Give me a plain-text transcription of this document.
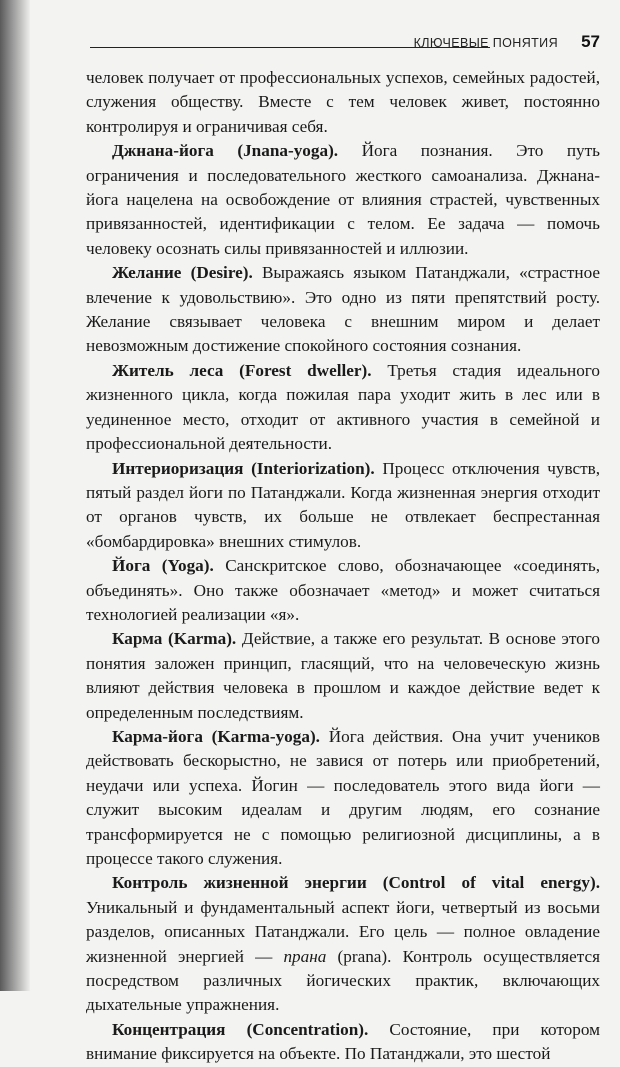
КЛЮЧЕВЫЕ ПОНЯТИЯ 57

человек получает от профессиональных успехов, семейных радостей, служения обществу. Вместе с тем человек живет, постоянно контролируя и ограничивая себя.

Джнана-йога (Jnana-yoga). Йога познания. Это путь ограничения и последовательного жесткого самоанализа. Джнана-йога нацелена на освобождение от влияния страстей, чувственных привязанностей, идентификации с телом. Ее задача — помочь человеку осознать силы привязанностей и иллюзии.

Желание (Desire). Выражаясь языком Патанджали, «страстное влечение к удовольствию». Это одно из пяти препятствий росту. Желание связывает человека с внешним миром и делает невозможным достижение спокойного состояния сознания.

Житель леса (Forest dweller). Третья стадия идеального жизненного цикла, когда пожилая пара уходит жить в лес или в уединенное место, отходит от активного участия в семейной и профессиональной деятельности.

Интериоризация (Interiorization). Процесс отключения чувств, пятый раздел йоги по Патанджали. Когда жизненная энергия отходит от органов чувств, их больше не отвлекает беспрестанная «бомбардировка» внешних стимулов.

Йога (Yoga). Санскритское слово, обозначающее «соединять, объединять». Оно также обозначает «метод» и может считаться технологией реализации «я».

Карма (Karma). Действие, а также его результат. В основе этого понятия заложен принцип, гласящий, что на человеческую жизнь влияют действия человека в прошлом и каждое действие ведет к определенным последствиям.

Карма-йога (Karma-yoga). Йога действия. Она учит учеников действовать бескорыстно, не завися от потерь или приобретений, неудачи или успеха. Йогин — последователь этого вида йоги — служит высоким идеалам и другим людям, его сознание трансформируется не с помощью религиозной дисциплины, а в процессе такого служения.

Контроль жизненной энергии (Control of vital energy). Уникальный и фундаментальный аспект йоги, четвертый из восьми разделов, описанных Патанджали. Его цель — полное овладение жизненной энергией — прана (prana). Контроль осуществляется посредством различных йогических практик, включающих дыхательные упражнения.

Концентрация (Concentration). Состояние, при котором внимание фиксируется на объекте. По Патанджали, это шестой
